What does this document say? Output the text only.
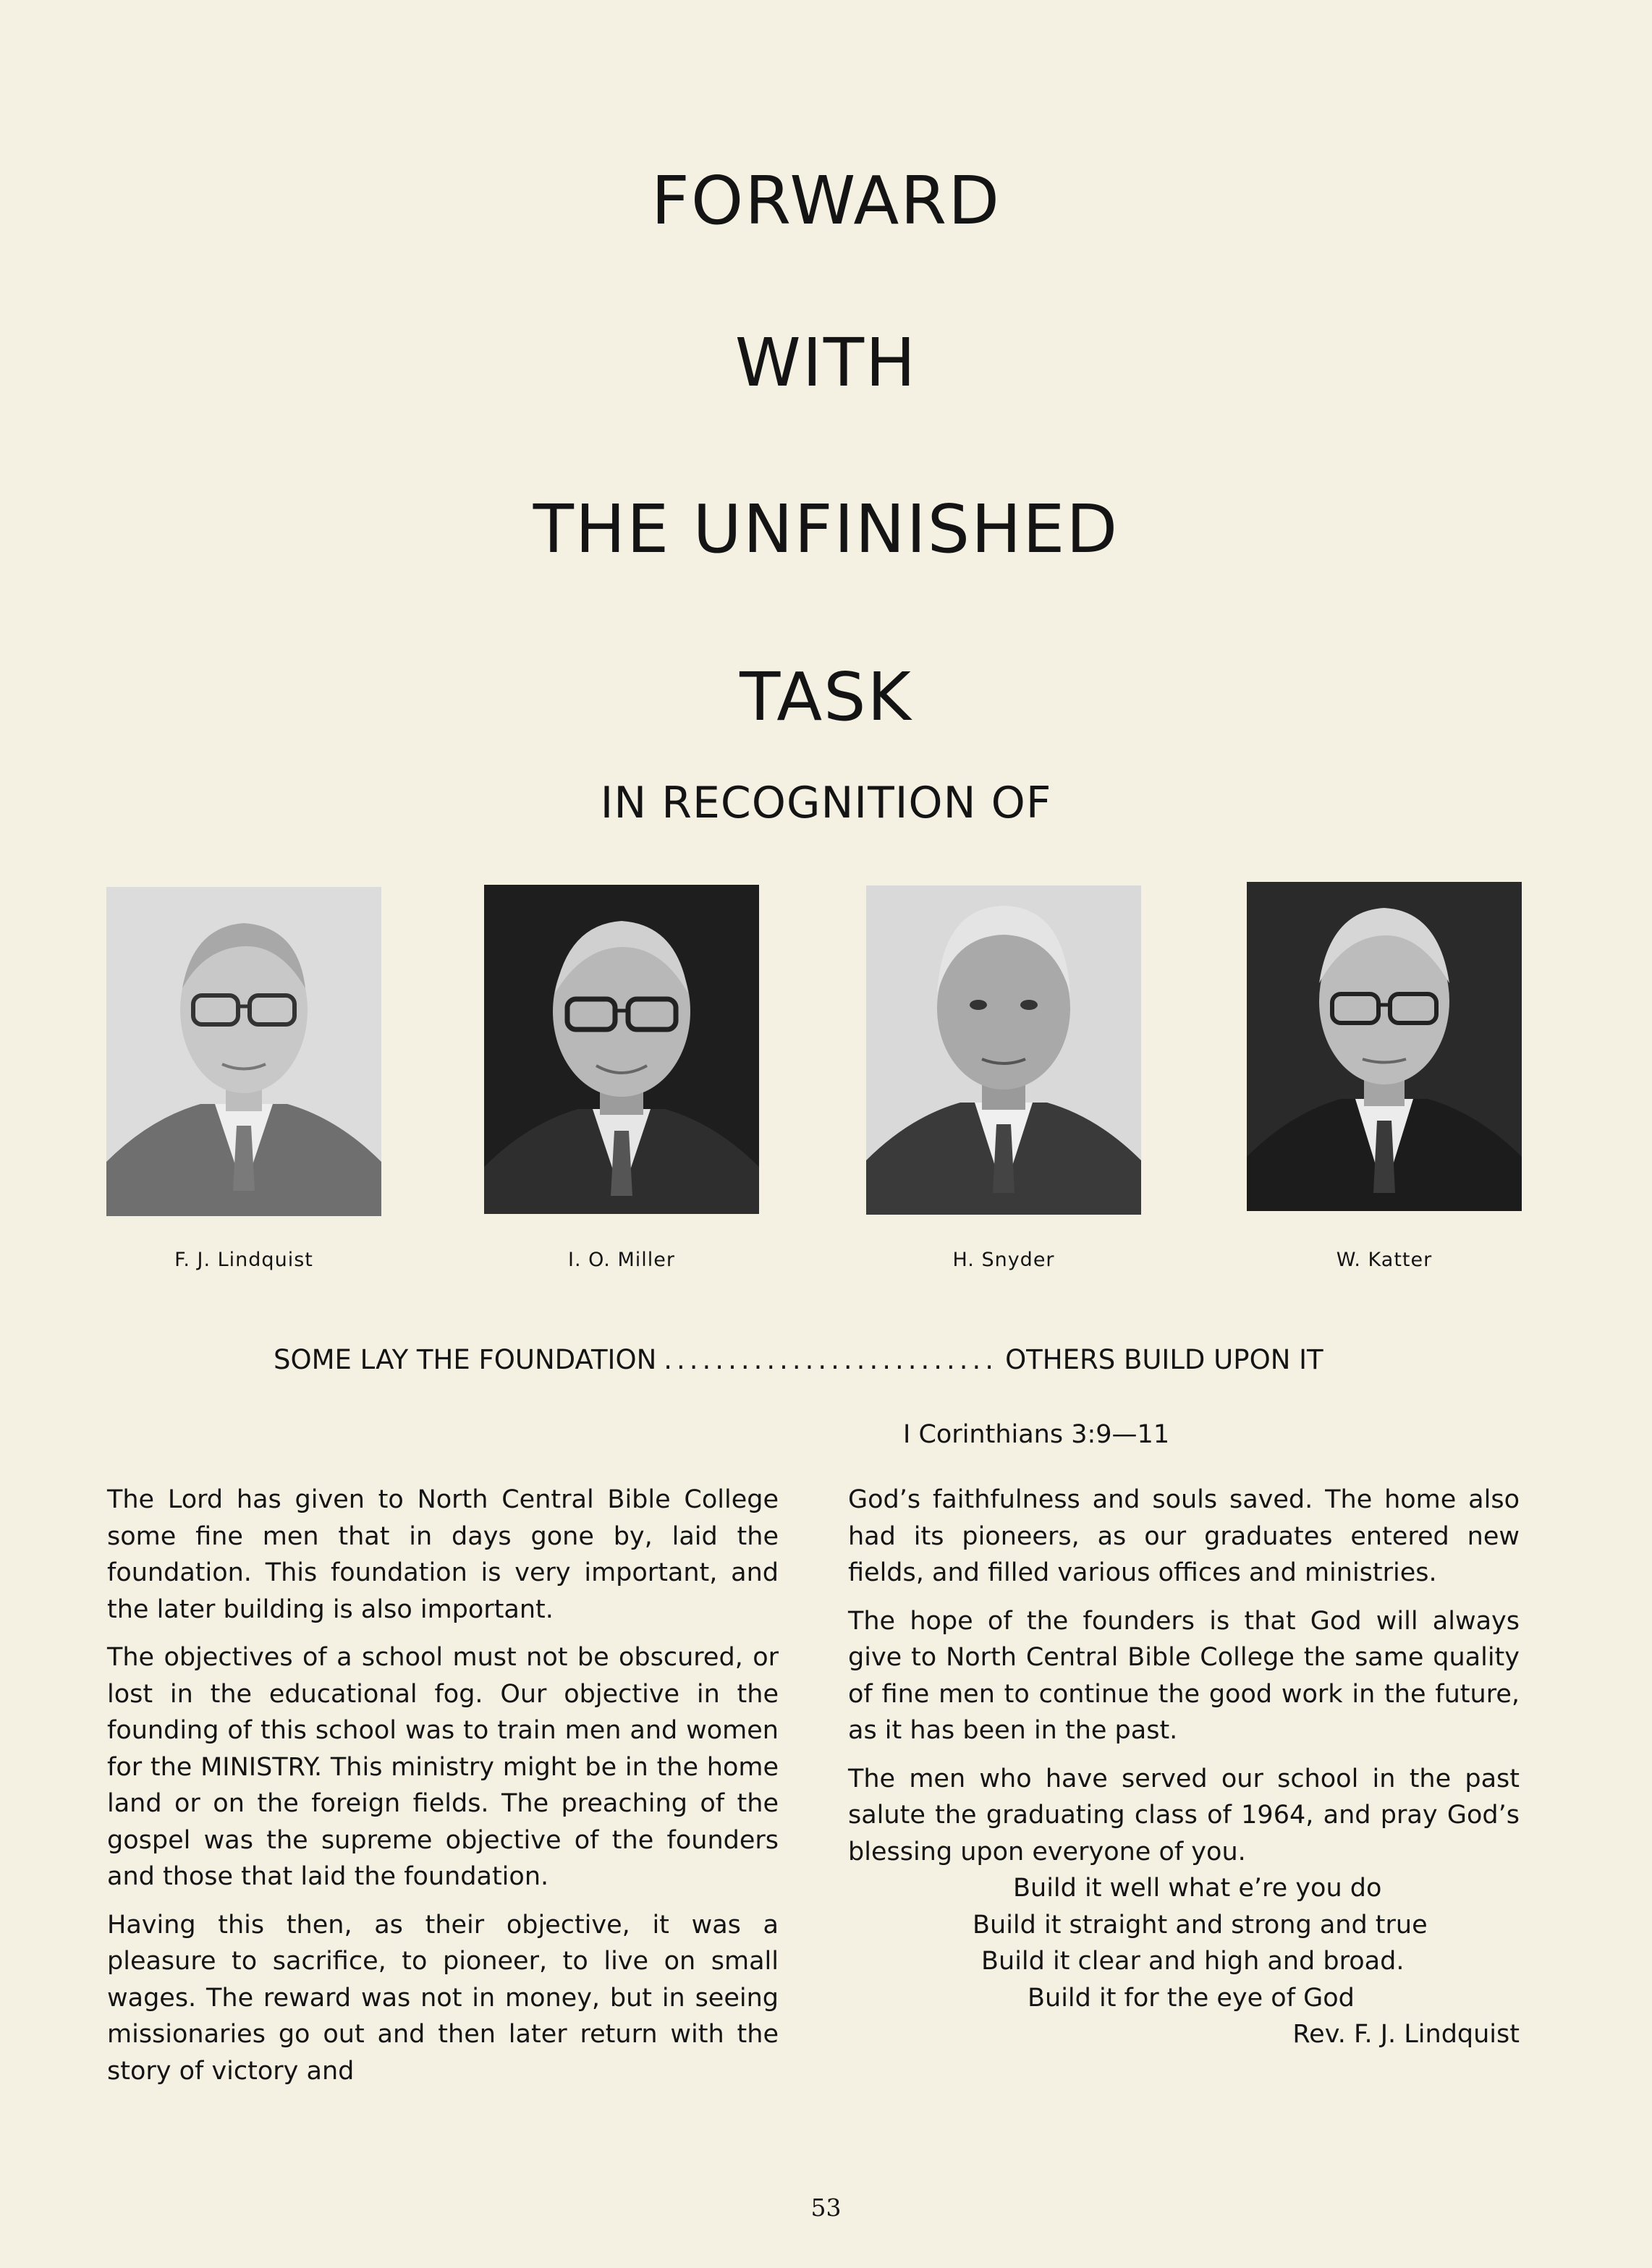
FORWARD
WITH
THE UNFINISHED
TASK
IN RECOGNITION OF
F. J. Lindquist	I. O. Miller	H. Snyder	W. Katter
SOME LAY THE FOUNDATION .......................... OTHERS BUILD UPON IT
I Corinthians 3:9—11

The Lord has given to North Central Bible College some fine men that in days gone by, laid the foundation. This foundation is very important, and the later building is also important.

The objectives of a school must not be obscured, or lost in the educational fog. Our objective in the founding of this school was to train men and women for the MINISTRY. This ministry might be in the home land or on the foreign fields. The preaching of the gospel was the supreme objective of the founders and those that laid the foundation.

Having this then, as their objective, it was a pleasure to sacrifice, to pioneer, to live on small wages. The reward was not in money, but in seeing missionaries go out and then later return with the story of victory and

God’s faithfulness and souls saved. The home also had its pioneers, as our graduates entered new fields, and filled various offices and ministries.

The hope of the founders is that God will always give to North Central Bible College the same quality of fine men to continue the good work in the future, as it has been in the past.

The men who have served our school in the past salute the graduating class of 1964, and pray God’s blessing upon everyone of you.

Build it well what e’re you do
Build it straight and strong and true
Build it clear and high and broad.
Build it for the eye of God
Rev. F. J. Lindquist
53
